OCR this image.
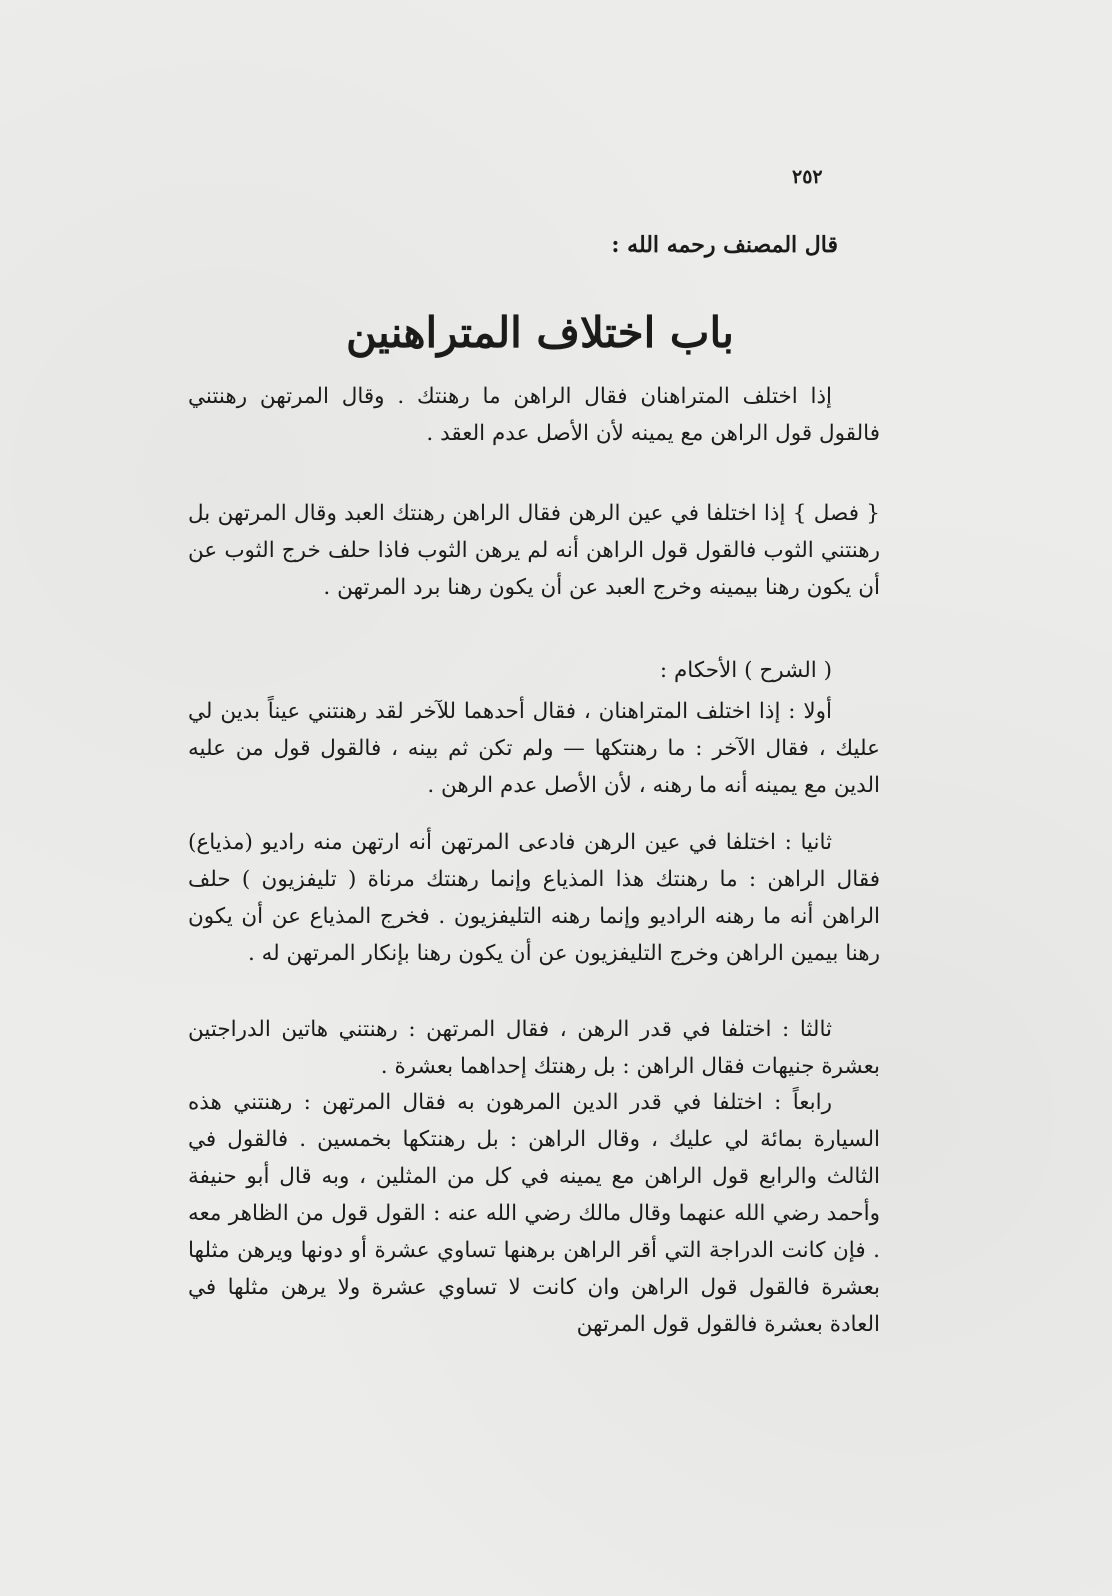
٢٥٢
قال المصنف رحمه الله :
باب اختلاف المتراهنين

إذا اختلف المتراهنان فقال الراهن ما رهنتك . وقال المرتهن رهنتني فالقول قول الراهن مع يمينه لأن الأصل عدم العقد .

{ فصل } إذا اختلفا في عين الرهن فقال الراهن رهنتك العبد وقال المرتهن بل رهنتني الثوب فالقول قول الراهن أنه لم يرهن الثوب فاذا حلف خرج الثوب عن أن يكون رهنا بيمينه وخرج العبد عن أن يكون رهنا برد المرتهن .

( الشرح ) الأحكام :

أولا : إذا اختلف المتراهنان ، فقال أحدهما للآخر لقد رهنتني عيناً بدين لي عليك ، فقال الآخر : ما رهنتكها — ولم تكن ثم بينه ، فالقول قول من عليه الدين مع يمينه أنه ما رهنه ، لأن الأصل عدم الرهن .

ثانيا : اختلفا في عين الرهن فادعى المرتهن أنه ارتهن منه راديو (مذياع) فقال الراهن : ما رهنتك هذا المذياع وإنما رهنتك مرناة ( تليفزيون ) حلف الراهن أنه ما رهنه الراديو وإنما رهنه التليفزيون . فخرج المذياع عن أن يكون رهنا بيمين الراهن وخرج التليفزيون عن أن يكون رهنا بإنكار المرتهن له .

ثالثا : اختلفا في قدر الرهن ، فقال المرتهن : رهنتني هاتين الدراجتين بعشرة جنيهات فقال الراهن : بل رهنتك إحداهما بعشرة .

رابعاً : اختلفا في قدر الدين المرهون به فقال المرتهن : رهنتني هذه السيارة بمائة لي عليك ، وقال الراهن : بل رهنتكها بخمسين . فالقول في الثالث والرابع قول الراهن مع يمينه في كل من المثلين ، وبه قال أبو حنيفة وأحمد رضي الله عنهما وقال مالك رضي الله عنه : القول قول من الظاهر معه . فإن كانت الدراجة التي أقر الراهن برهنها تساوي عشرة أو دونها ويرهن مثلها بعشرة فالقول قول الراهن وان كانت لا تساوي عشرة ولا يرهن مثلها في العادة بعشرة فالقول قول المرتهن
